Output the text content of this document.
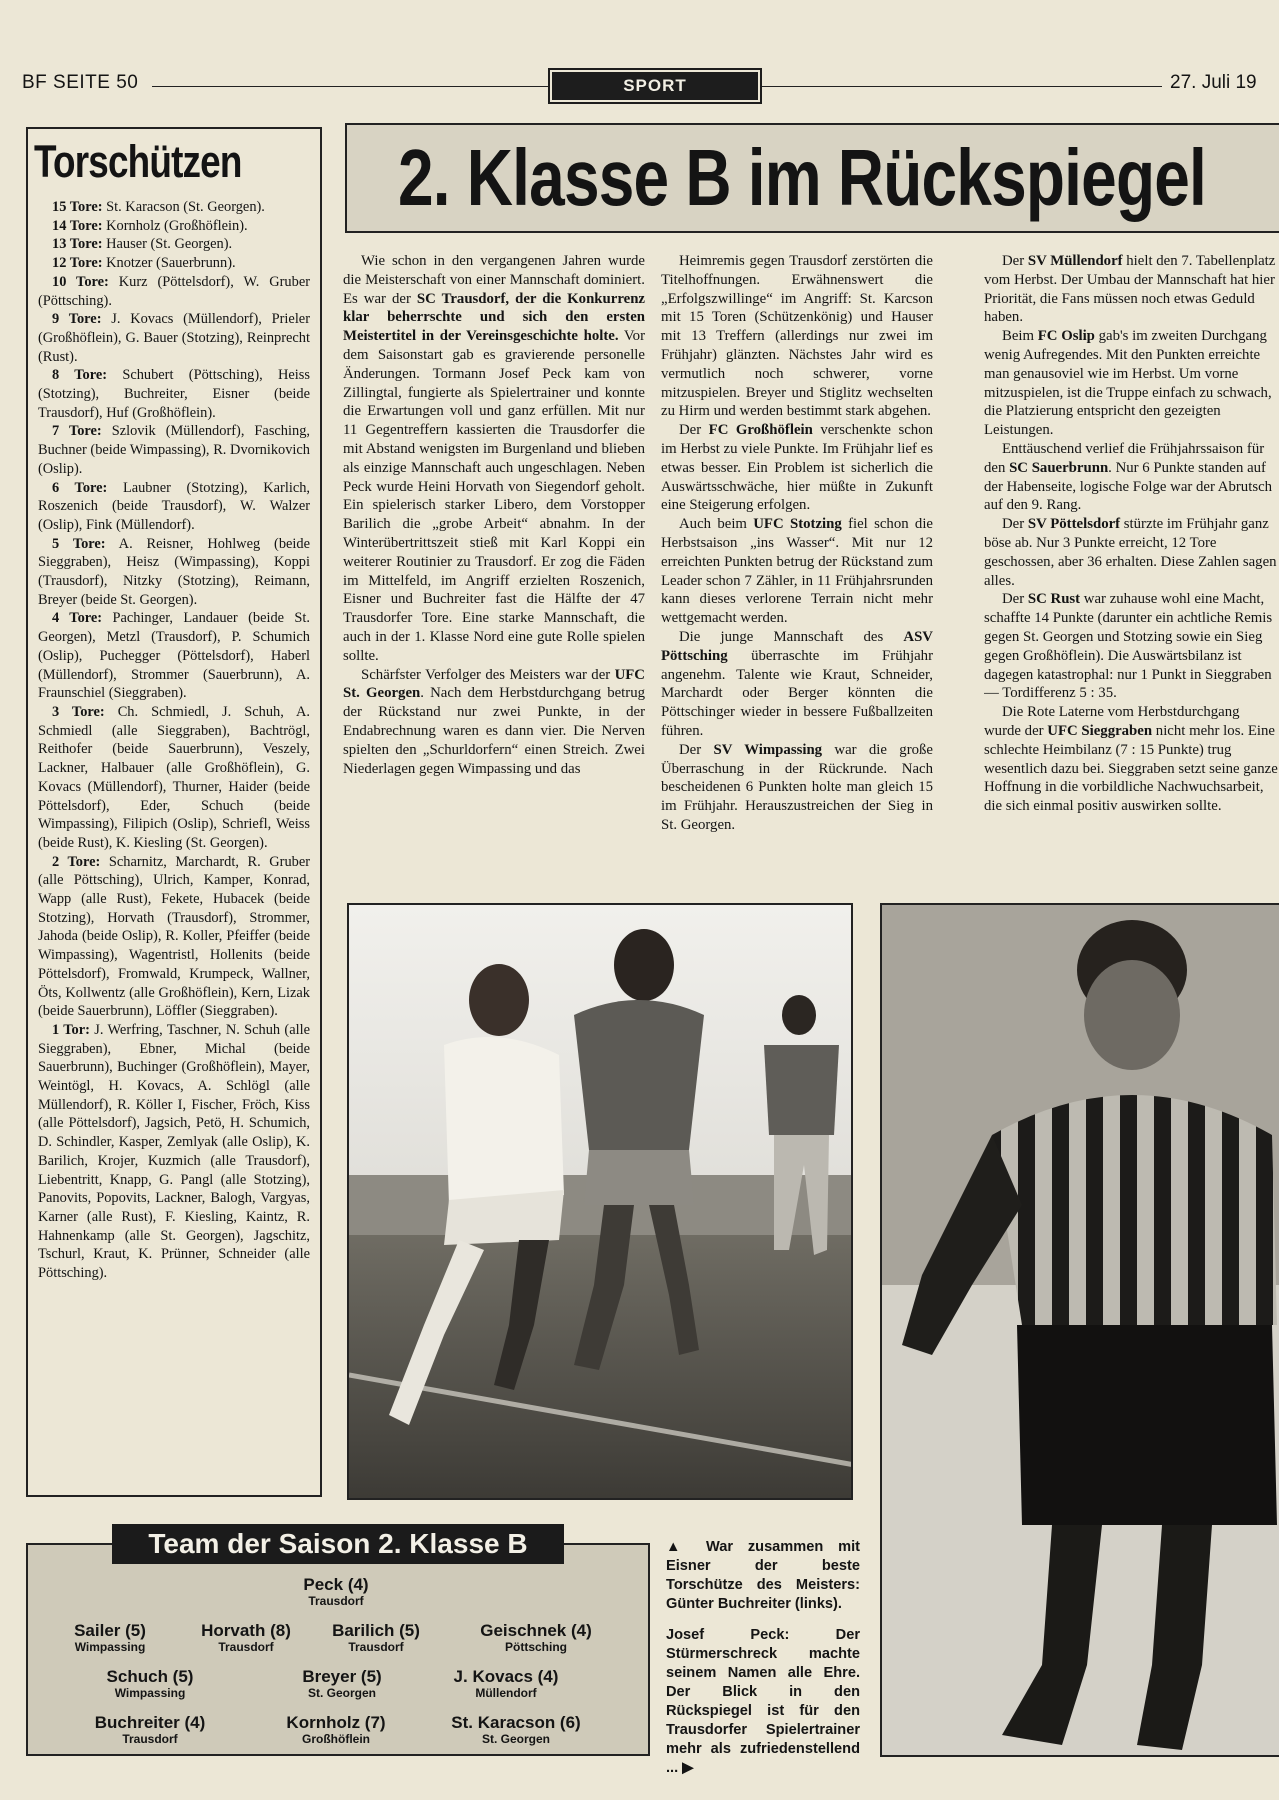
BF SEITE 50	SPORT	27. Juli 19
Torschützen

15 Tore: St. Karacson (St. Georgen).

14 Tore: Kornholz (Großhöflein).

13 Tore: Hauser (St. Georgen).

12 Tore: Knotzer (Sauerbrunn).

10 Tore: Kurz (Pöttelsdorf), W. Gruber (Pöttsching).

9 Tore: J. Kovacs (Müllendorf), Prieler (Großhöflein), G. Bauer (Stotzing), Reinprecht (Rust).

8 Tore: Schubert (Pöttsching), Heiss (Stotzing), Buchreiter, Eisner (beide Trausdorf), Huf (Großhöflein).

7 Tore: Szlovik (Müllendorf), Fasching, Buchner (beide Wimpassing), R. Dvornikovich (Oslip).

6 Tore: Laubner (Stotzing), Karlich, Roszenich (beide Trausdorf), W. Walzer (Oslip), Fink (Müllendorf).

5 Tore: A. Reisner, Hohlweg (beide Sieggraben), Heisz (Wimpassing), Koppi (Trausdorf), Nitzky (Stotzing), Reimann, Breyer (beide St. Georgen).

4 Tore: Pachinger, Landauer (beide St. Georgen), Metzl (Trausdorf), P. Schumich (Oslip), Puchegger (Pöttelsdorf), Haberl (Müllendorf), Strommer (Sauerbrunn), A. Fraunschiel (Sieggraben).

3 Tore: Ch. Schmiedl, J. Schuh, A. Schmiedl (alle Sieggraben), Bachtrögl, Reithofer (beide Sauerbrunn), Veszely, Lackner, Halbauer (alle Großhöflein), G. Kovacs (Müllendorf), Thurner, Haider (beide Pöttelsdorf), Eder, Schuch (beide Wimpassing), Filipich (Oslip), Schriefl, Weiss (beide Rust), K. Kiesling (St. Georgen).

2 Tore: Scharnitz, Marchardt, R. Gruber (alle Pöttsching), Ulrich, Kamper, Konrad, Wapp (alle Rust), Fekete, Hubacek (beide Stotzing), Horvath (Trausdorf), Strommer, Jahoda (beide Oslip), R. Koller, Pfeiffer (beide Wimpassing), Wagentristl, Hollenits (beide Pöttelsdorf), Fromwald, Krumpeck, Wallner, Öts, Kollwentz (alle Großhöflein), Kern, Lizak (beide Sauerbrunn), Löffler (Sieggraben).

1 Tor: J. Werfring, Taschner, N. Schuh (alle Sieggraben), Ebner, Michal (beide Sauerbrunn), Buchinger (Großhöflein), Mayer, Weintögl, H. Kovacs, A. Schlögl (alle Müllendorf), R. Köller I, Fischer, Fröch, Kiss (alle Pöttelsdorf), Jagsich, Petö, H. Schumich, D. Schindler, Kasper, Zemlyak (alle Oslip), K. Barilich, Krojer, Kuzmich (alle Trausdorf), Liebentritt, Knapp, G. Pangl (alle Stotzing), Panovits, Popovits, Lackner, Balogh, Vargyas, Karner (alle Rust), F. Kiesling, Kaintz, R. Hahnenkamp (alle St. Georgen), Jagschitz, Tschurl, Kraut, K. Prünner, Schneider (alle Pöttsching).

2. Klasse B im Rückspiegel

Wie schon in den vergangenen Jahren wurde die Meisterschaft von einer Mannschaft dominiert. Es war der SC Trausdorf, der die Konkurrenz klar beherrschte und sich den ersten Meistertitel in der Vereinsgeschichte holte. Vor dem Saisonstart gab es gravierende personelle Änderungen. Tormann Josef Peck kam von Zillingtal, fungierte als Spielertrainer und konnte die Erwartungen voll und ganz erfüllen. Mit nur 11 Gegentreffern kassierten die Trausdorfer die mit Abstand wenigsten im Burgenland und blieben als einzige Mannschaft auch ungeschlagen. Neben Peck wurde Heini Horvath von Siegendorf geholt. Ein spielerisch starker Libero, dem Vorstopper Barilich die „grobe Arbeit“ abnahm. In der Winterübertrittszeit stieß mit Karl Koppi ein weiterer Routinier zu Trausdorf. Er zog die Fäden im Mittelfeld, im Angriff erzielten Roszenich, Eisner und Buchreiter fast die Hälfte der 47 Trausdorfer Tore. Eine starke Mannschaft, die auch in der 1. Klasse Nord eine gute Rolle spielen sollte.

Schärfster Verfolger des Meisters war der UFC St. Georgen. Nach dem Herbstdurchgang betrug der Rückstand nur zwei Punkte, in der Endabrechnung waren es dann vier. Die Nerven spielten den „Schurldorfern“ einen Streich. Zwei Niederlagen gegen Wimpassing und das

Heimremis gegen Trausdorf zerstörten die Titelhoffnungen. Erwähnenswert die „Erfolgszwillinge“ im Angriff: St. Karcson mit 15 Toren (Schützenkönig) und Hauser mit 13 Treffern (allerdings nur zwei im Frühjahr) glänzten. Nächstes Jahr wird es vermutlich noch schwerer, vorne mitzuspielen. Breyer und Stiglitz wechselten zu Hirm und werden bestimmt stark abgehen.

Der FC Großhöflein verschenkte schon im Herbst zu viele Punkte. Im Frühjahr lief es etwas besser. Ein Problem ist sicherlich die Auswärtsschwäche, hier müßte in Zukunft eine Steigerung erfolgen.

Auch beim UFC Stotzing fiel schon die Herbstsaison „ins Wasser“. Mit nur 12 erreichten Punkten betrug der Rückstand zum Leader schon 7 Zähler, in 11 Frühjahrsrunden kann dieses verlorene Terrain nicht mehr wettgemacht werden.

Die junge Mannschaft des ASV Pöttsching überraschte im Frühjahr angenehm. Talente wie Kraut, Schneider, Marchardt oder Berger könnten die Pöttschinger wieder in bessere Fußballzeiten führen.

Der SV Wimpassing war die große Überraschung in der Rückrunde. Nach bescheidenen 6 Punkten holte man gleich 15 im Frühjahr. Herauszustreichen der Sieg in St. Georgen.

Der SV Müllendorf hielt den 7. Tabellenplatz vom Herbst. Der Umbau der Mannschaft hat hier Priorität, die Fans müssen noch etwas Geduld haben.

Beim FC Oslip gab's im zweiten Durchgang wenig Aufregendes. Mit den Punkten erreichte man genausoviel wie im Herbst. Um vorne mitzuspielen, ist die Truppe einfach zu schwach, die Platzierung entspricht den gezeigten Leistungen.

Enttäuschend verlief die Frühjahrssaison für den SC Sauerbrunn. Nur 6 Punkte standen auf der Habenseite, logische Folge war der Abrutsch auf den 9. Rang.

Der SV Pöttelsdorf stürzte im Frühjahr ganz böse ab. Nur 3 Punkte erreicht, 12 Tore geschossen, aber 36 erhalten. Diese Zahlen sagen alles.

Der SC Rust war zuhause wohl eine Macht, schaffte 14 Punkte (darunter ein achtliche Remis gegen St. Georgen und Stotzing sowie ein Sieg gegen Großhöflein). Die Auswärtsbilanz ist dagegen katastrophal: nur 1 Punkt in Sieggraben — Tordifferenz 5 : 35.

Die Rote Laterne vom Herbstdurchgang wurde der UFC Sieggraben nicht mehr los. Eine schlechte Heimbilanz (7 : 15 Punkte) trug wesentlich dazu bei. Sieggraben setzt seine ganze Hoffnung in die vorbildliche Nachwuchsarbeit, die sich einmal positiv auswirken sollte.

Team der Saison 2. Klasse B
Peck (4)
Trausdorf
Sailer (5)
Wimpassing
Horvath (8)
Trausdorf
Barilich (5)
Trausdorf
Geischnek (4)
Pöttsching
Schuch (5)
Wimpassing
Breyer (5)
St. Georgen
J. Kovacs (4)
Müllendorf
Buchreiter (4)
Trausdorf
Kornholz (7)
Großhöflein
St. Karacson (6)
St. Georgen

▲ War zusammen mit Eisner der beste Torschütze des Meisters: Günter Buchreiter (links).

Josef Peck: Der Stürmerschreck machte seinem Namen alle Ehre. Der Blick in den Rückspiegel ist für den Trausdorfer Spielertrainer mehr als zufriedenstellend ... ▶
